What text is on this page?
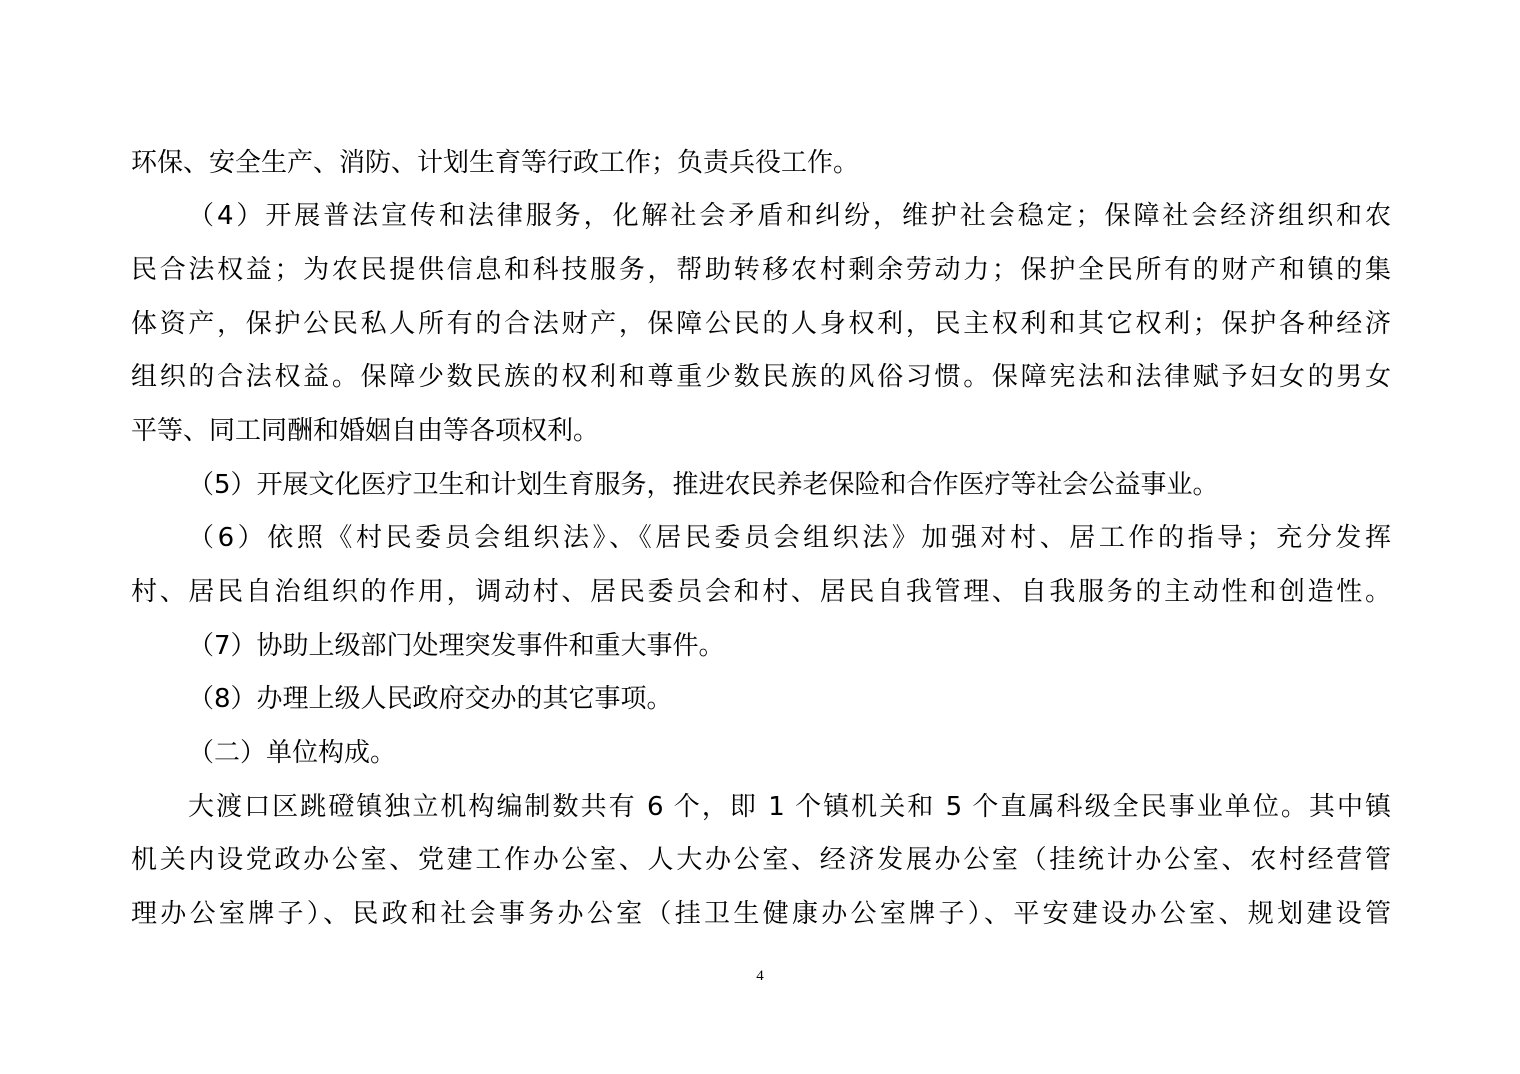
环保、安全生产、消防、计划生育等行政工作；负责兵役工作。
（4）开展普法宣传和法律服务，化解社会矛盾和纠纷，维护社会稳定；保障社会经济组织和农
民合法权益；为农民提供信息和科技服务，帮助转移农村剩余劳动力；保护全民所有的财产和镇的集
体资产，保护公民私人所有的合法财产，保障公民的人身权利，民主权利和其它权利；保护各种经济
组织的合法权益。保障少数民族的权利和尊重少数民族的风俗习惯。保障宪法和法律赋予妇女的男女
平等、同工同酬和婚姻自由等各项权利。
（5）开展文化医疗卫生和计划生育服务，推进农民养老保险和合作医疗等社会公益事业。
（6）依照《村民委员会组织法》、《居民委员会组织法》加强对村、居工作的指导；充分发挥
村、居民自治组织的作用，调动村、居民委员会和村、居民自我管理、自我服务的主动性和创造性。
（7）协助上级部门处理突发事件和重大事件。
（8）办理上级人民政府交办的其它事项。
（二）单位构成。
大渡口区跳磴镇独立机构编制数共有 6 个，即 1 个镇机关和 5 个直属科级全民事业单位。其中镇
机关内设党政办公室、党建工作办公室、人大办公室、经济发展办公室（挂统计办公室、农村经营管
理办公室牌子）、民政和社会事务办公室（挂卫生健康办公室牌子）、平安建设办公室、规划建设管
4
